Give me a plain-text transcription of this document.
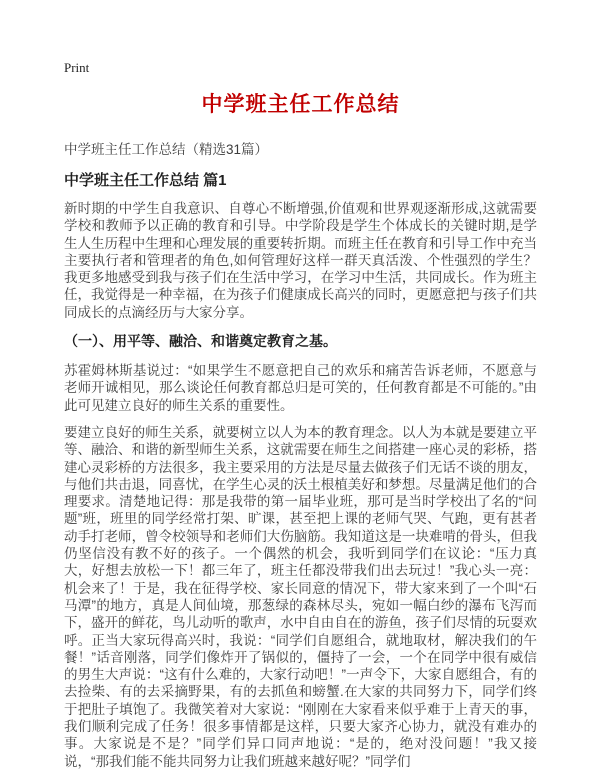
Print
中学班主任工作总结
中学班主任工作总结（精选31篇）
中学班主任工作总结 篇1

新时期的中学生自我意识、自尊心不断增强,价值观和世界观逐渐形成,这就需要学校和教师予以正确的教育和引导。中学阶段是学生个体成长的关键时期,是学生人生历程中生理和心理发展的重要转折期。而班主任在教育和引导工作中充当主要执行者和管理者的角色,如何管理好这样一群天真活泼、个性强烈的学生？我更多地感受到我与孩子们在生活中学习，在学习中生活，共同成长。作为班主任，我觉得是一种幸福，在为孩子们健康成长高兴的同时，更愿意把与孩子们共同成长的点滴经历与大家分享。

（一）、用平等、融洽、和谐奠定教育之基。

苏霍姆林斯基说过：“如果学生不愿意把自己的欢乐和痛苦告诉老师，不愿意与老师开诚相见，那么谈论任何教育都总归是可笑的，任何教育都是不可能的。”由此可见建立良好的师生关系的重要性。

要建立良好的师生关系，就要树立以人为本的教育理念。以人为本就是要建立平等、融洽、和谐的新型师生关系，这就需要在师生之间搭建一座心灵的彩桥，搭建心灵彩桥的方法很多，我主要采用的方法是尽量去做孩子们无话不谈的朋友，与他们共击退，同喜忧，在学生心灵的沃土根植美好和梦想。尽量满足他们的合理要求。清楚地记得：那是我带的第一届毕业班，那可是当时学校出了名的“问题”班，班里的同学经常打架、旷课，甚至把上课的老师气哭、气跑，更有甚者动手打老师，曾令校领导和老师们大伤脑筋。我知道这是一块难啃的骨头，但我仍坚信没有教不好的孩子。一个偶然的机会，我听到同学们在议论：“压力真大，好想去放松一下！都三年了，班主任都没带我们出去玩过！”我心头一亮：机会来了！于是，我在征得学校、家长同意的情况下，带大家来到了一个叫“石马潭”的地方，真是人间仙境，那葱绿的森林尽头，宛如一幅白纱的瀑布飞泻而下，盛开的鲜花，鸟儿动听的歌声，水中自由自在的游鱼，孩子们尽情的玩耍欢呼。正当大家玩得高兴时，我说：“同学们自愿组合，就地取材，解决我们的午餐！”话音刚落，同学们像炸开了锅似的，僵持了一会，一个在同学中很有威信的男生大声说：“这有什么难的，大家行动吧！”一声令下，大家自愿组合，有的去捡柴、有的去采摘野果，有的去抓鱼和螃蟹.在大家的共同努力下，同学们终于把肚子填饱了。我微笑着对大家说：“刚刚在大家看来似乎难于上青天的事，我们顺利完成了任务！很多事情都是这样，只要大家齐心协力，就没有难办的事。大家说是不是？”同学们异口同声地说：“是的，绝对没问题！”我又接说，“那我们能不能共同努力让我们班越来越好呢？”同学们
